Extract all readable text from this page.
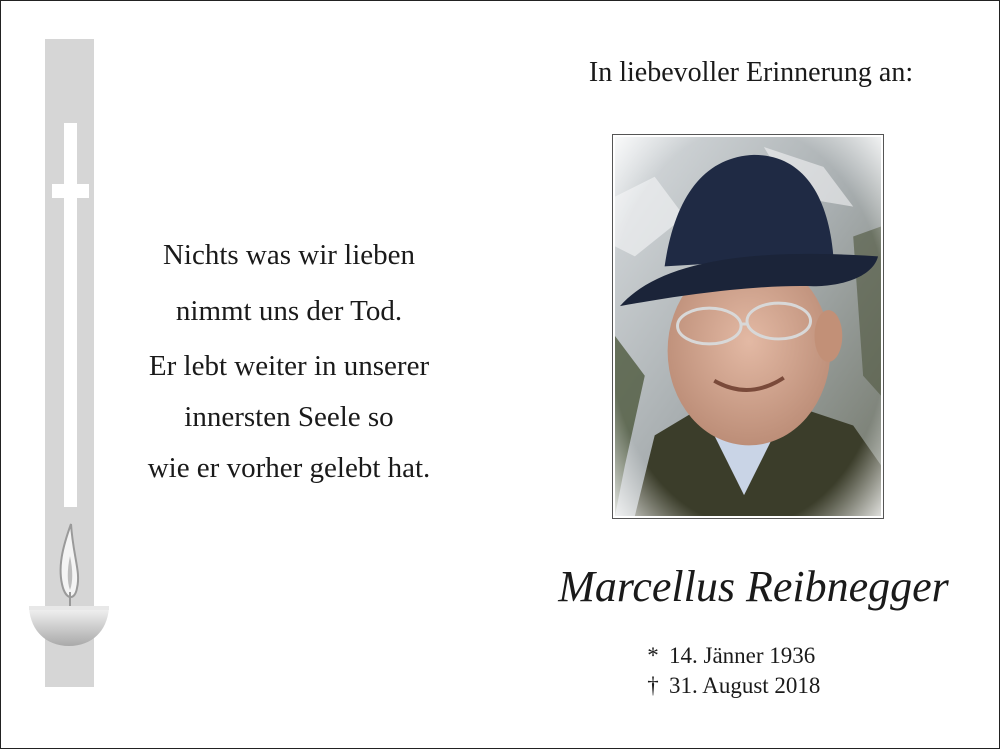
Nichts was wir lieben
nimmt uns der Tod.
Er lebt weiter in unserer
innersten Seele so
wie er vorher gelebt hat.
In liebevoller Erinnerung an:
Marcellus Reibnegger
* 14. Jänner 1936
† 31. August 2018
